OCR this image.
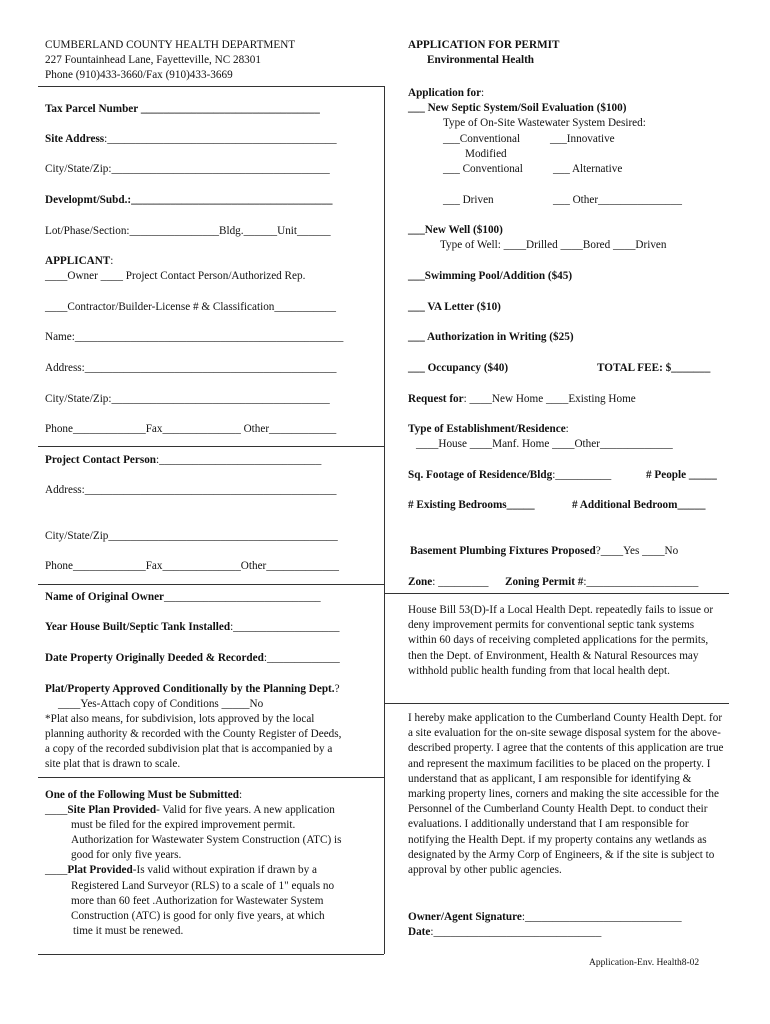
CUMBERLAND COUNTY HEALTH DEPARTMENT
227 Fountainhead Lane, Fayetteville, NC 28301
Phone (910)433-3660/Fax (910)433-3669
APPLICATION FOR PERMIT
Environmental Health
Tax Parcel Number ________________________________
Site Address:_________________________________________
City/State/Zip:_______________________________________
Developmt/Subd.:____________________________________
Lot/Phase/Section:________________Bldg.______Unit______
APPLICANT:
____Owner ____ Project Contact Person/Authorized Rep.
____Contractor/Builder-License # & Classification___________
Name:________________________________________________
Address:_____________________________________________
City/State/Zip:_______________________________________
Phone_____________Fax______________ Other____________
Project Contact Person:_____________________________
Address:_____________________________________________
City/State/Zip_________________________________________
Phone_____________Fax______________Other_____________
Name of Original Owner____________________________
Year House Built/Septic Tank Installed:___________________
Date Property Originally Deeded & Recorded:_____________
Plat/Property Approved Conditionally by the Planning Dept.?
____Yes-Attach copy of Conditions _____No
*Plat also means, for subdivision, lots approved by the local
planning authority & recorded with the County Register of Deeds,
a copy of the recorded subdivision plat that is accompanied by a
site plat that is drawn to scale.
One of the Following Must be Submitted:
____Site Plan Provided- Valid for five years. A new application
must be filed for the expired improvement permit.
Authorization for Wastewater System Construction (ATC) is
good for only five years.
____Plat Provided-Is valid without expiration if drawn by a
Registered Land Surveyor (RLS) to a scale of 1" equals no
more than 60 feet .Authorization for Wastewater System
Construction (ATC) is good for only five years, at which
time it must be renewed.
Application for:
___ New Septic System/Soil Evaluation ($100)
Type of On-Site Wastewater System Desired:
___Conventional	___Innovative
Modified
___ Conventional	___ Alternative
___ Driven	___ Other_______________
___New Well ($100)
Type of Well: ____Drilled ____Bored ____Driven
___Swimming Pool/Addition ($45)
___ VA Letter ($10)
___ Authorization in Writing ($25)
___ Occupancy ($40)	TOTAL FEE: $_______
Request for: ____New Home ____Existing Home
Type of Establishment/Residence:
____House ____Manf. Home ____Other_____________
Sq. Footage of Residence/Bldg:__________	# People _____
# Existing Bedrooms_____	# Additional Bedroom_____
Basement Plumbing Fixtures Proposed?____Yes ____No
Zone: _________ Zoning Permit #:____________________
House Bill 53(D)-If a Local Health Dept. repeatedly fails to issue or deny improvement permits for conventional septic tank systems within 60 days of receiving completed applications for the permits, then the Dept. of Environment, Health & Natural Resources may withhold public health funding from that local health dept.
I hereby make application to the Cumberland County Health Dept. for a site evaluation for the on-site sewage disposal system for the above-described property. I agree that the contents of this application are true and represent the maximum facilities to be placed on the property. I understand that as applicant, I am responsible for identifying & marking property lines, corners and making the site accessible for the Personnel of the Cumberland County Health Dept. to conduct their evaluations. I additionally understand that I am responsible for notifying the Health Dept. if my property contains any wetlands as designated by the Army Corp of Engineers, & if the site is subject to approval by other public agencies.
Owner/Agent Signature:____________________________
Date:______________________________
Application-Env. Health8-02
